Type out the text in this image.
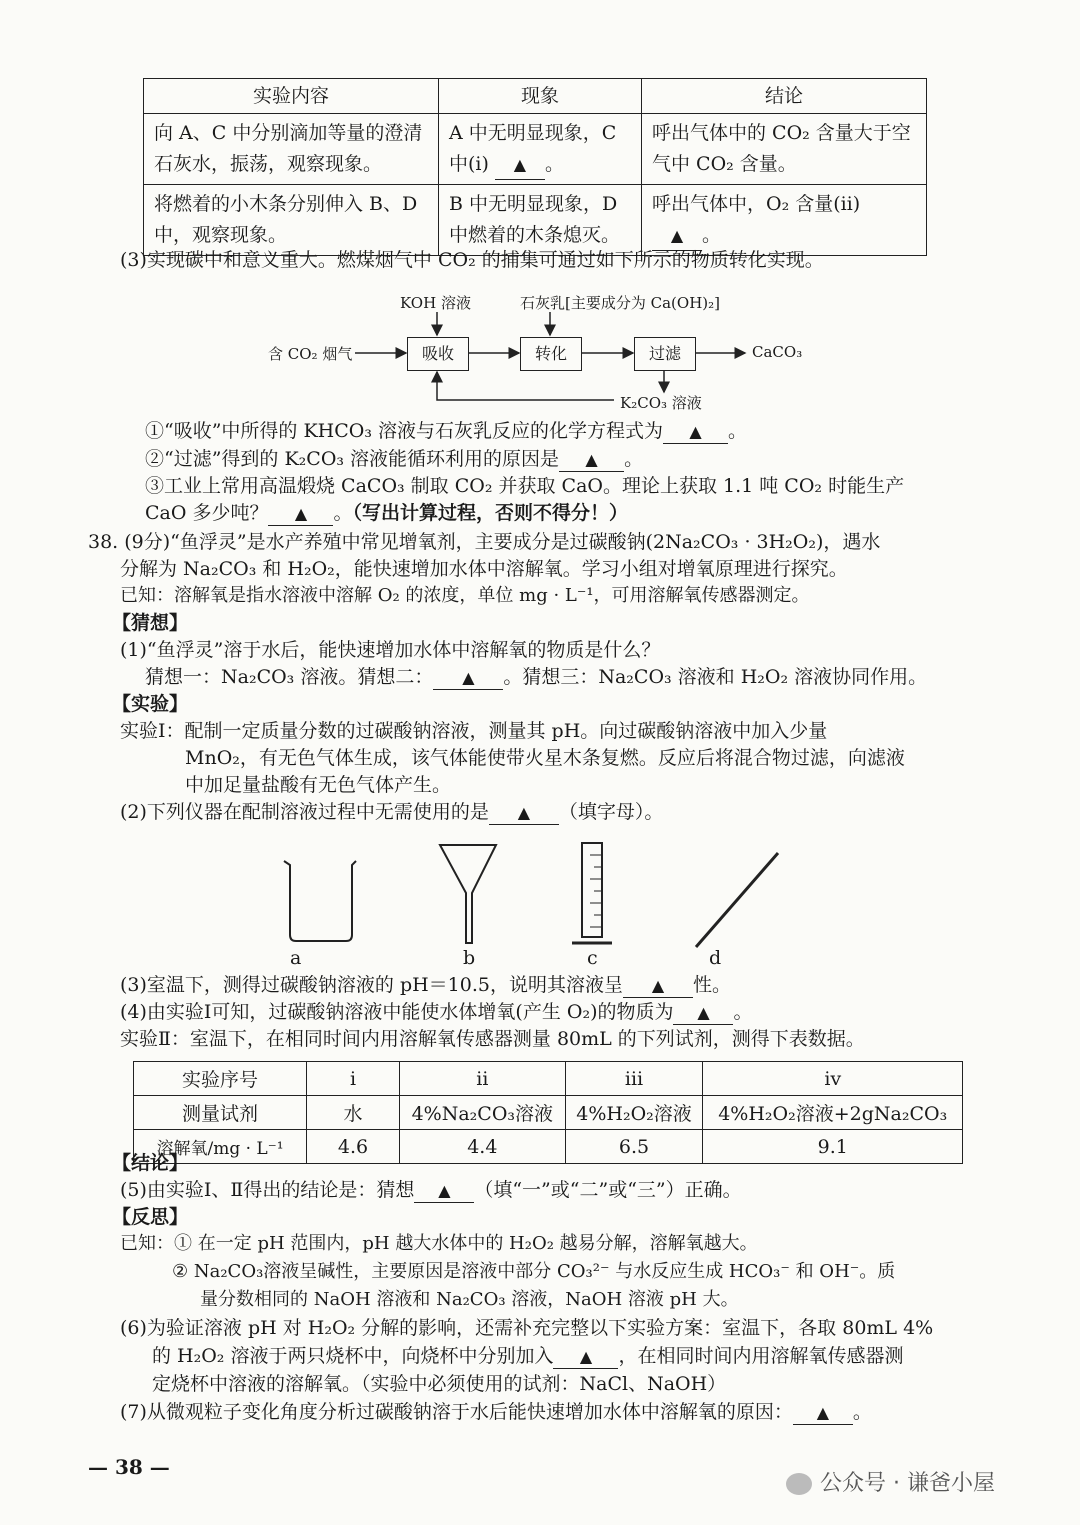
实验内容	现象	结论
向 A、C 中分别滴加等量的澄清石灰水，振荡，观察现象。	A 中无明显现象，C 中(ⅰ) ▲ 。	呼出气体中的 CO₂ 含量大于空气中 CO₂ 含量。
将燃着的小木条分别伸入 B、D 中，观察现象。	B 中无明显现象，D 中燃着的木条熄灭。	呼出气体中，O₂ 含量(ⅱ) ▲ 。
(3)实现碳中和意义重大。燃煤烟气中 CO₂ 的捕集可通过如下所示的物质转化实现。
含 CO₂ 烟气
KOH 溶液	石灰乳[主要成分为 Ca(OH)₂]
吸收	转化	过滤	CaCO₃
K₂CO₃ 溶液
①“吸收”中所得的 KHCO₃ 溶液与石灰乳反应的化学方程式为 ▲ 。
②“过滤”得到的 K₂CO₃ 溶液能循环利用的原因是 ▲ 。
③工业上常用高温煅烧 CaCO₃ 制取 CO₂ 并获取 CaO。理论上获取 1.1 吨 CO₂ 时能生产
CaO 多少吨？ ▲ 。（写出计算过程，否则不得分！）
38. (9分)“鱼浮灵”是水产养殖中常见增氧剂，主要成分是过碳酸钠(2Na₂CO₃ · 3H₂O₂)，遇水
分解为 Na₂CO₃ 和 H₂O₂，能快速增加水体中溶解氧。学习小组对增氧原理进行探究。
已知：溶解氧是指水溶液中溶解 O₂ 的浓度，单位 mg · L⁻¹，可用溶解氧传感器测定。
【猜想】
(1)“鱼浮灵”溶于水后，能快速增加水体中溶解氧的物质是什么？
猜想一：Na₂CO₃ 溶液。猜想二： ▲ 。猜想三：Na₂CO₃ 溶液和 H₂O₂ 溶液协同作用。
【实验】
实验Ⅰ：配制一定质量分数的过碳酸钠溶液，测量其 pH。向过碳酸钠溶液中加入少量
MnO₂，有无色气体生成，该气体能使带火星木条复燃。反应后将混合物过滤，向滤液
中加足量盐酸有无色气体产生。
(2)下列仪器在配制溶液过程中无需使用的是 ▲ （填字母）。
a	b	c	d
(3)室温下，测得过碳酸钠溶液的 pH＝10.5，说明其溶液呈 ▲ 性。
(4)由实验Ⅰ可知，过碳酸钠溶液中能使水体增氧(产生 O₂)的物质为 ▲ 。
实验Ⅱ：室温下，在相同时间内用溶解氧传感器测量 80mL 的下列试剂，测得下表数据。
实验序号	ⅰ	ⅱ	ⅲ	ⅳ
测量试剂	水	4%Na₂CO₃溶液	4%H₂O₂溶液	4%H₂O₂溶液+2gNa₂CO₃
溶解氧/mg · L⁻¹	4.6	4.4	6.5	9.1
【结论】
(5)由实验Ⅰ、Ⅱ得出的结论是：猜想 ▲ （填“一”或“二”或“三”）正确。
【反思】
已知：① 在一定 pH 范围内，pH 越大水体中的 H₂O₂ 越易分解，溶解氧越大。
② Na₂CO₃溶液呈碱性，主要原因是溶液中部分 CO₃²⁻ 与水反应生成 HCO₃⁻ 和 OH⁻。质
量分数相同的 NaOH 溶液和 Na₂CO₃ 溶液，NaOH 溶液 pH 大。
(6)为验证溶液 pH 对 H₂O₂ 分解的影响，还需补充完整以下实验方案：室温下，各取 80mL 4%
的 H₂O₂ 溶液于两只烧杯中，向烧杯中分别加入 ▲ ，在相同时间内用溶解氧传感器测
定烧杯中溶液的溶解氧。（实验中必须使用的试剂：NaCl、NaOH）
(7)从微观粒子变化角度分析过碳酸钠溶于水后能快速增加水体中溶解氧的原因： ▲ 。
— 38 —
公众号 · 谦爸小屋
